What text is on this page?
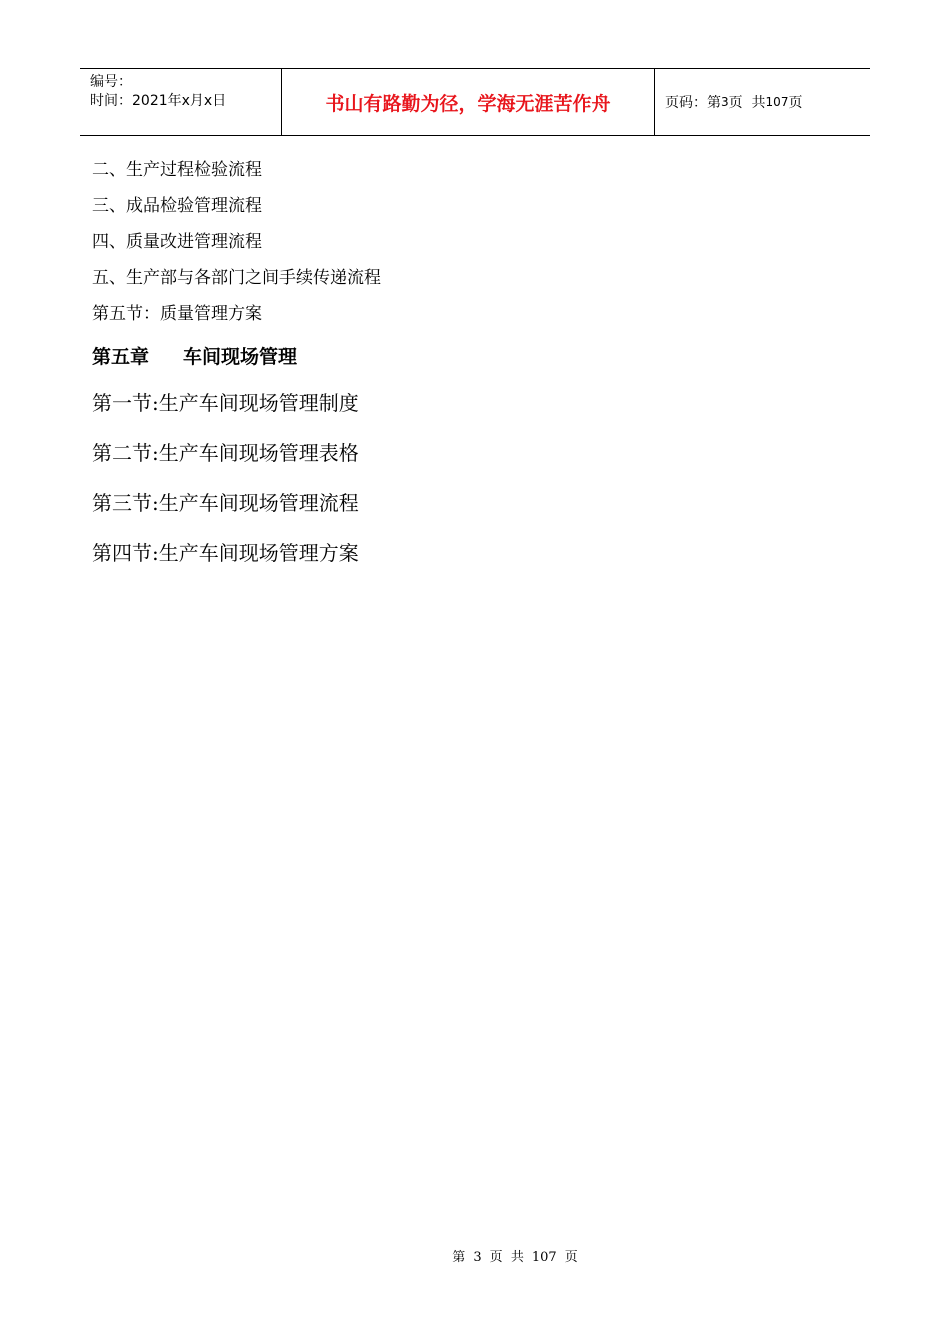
编号：
时间：2021年x月x日	书山有路勤为径，学海无涯苦作舟	页码：第 3 页  共 107 页
二、生产过程检验流程
三、成品检验管理流程
四、质量改进管理流程
五、生产部与各部门之间手续传递流程
第五节：质量管理方案
第五章 车间现场管理
第一节:生产车间现场管理制度
第二节:生产车间现场管理表格
第三节:生产车间现场管理流程
第四节:生产车间现场管理方案
第 3 页  共 107 页
